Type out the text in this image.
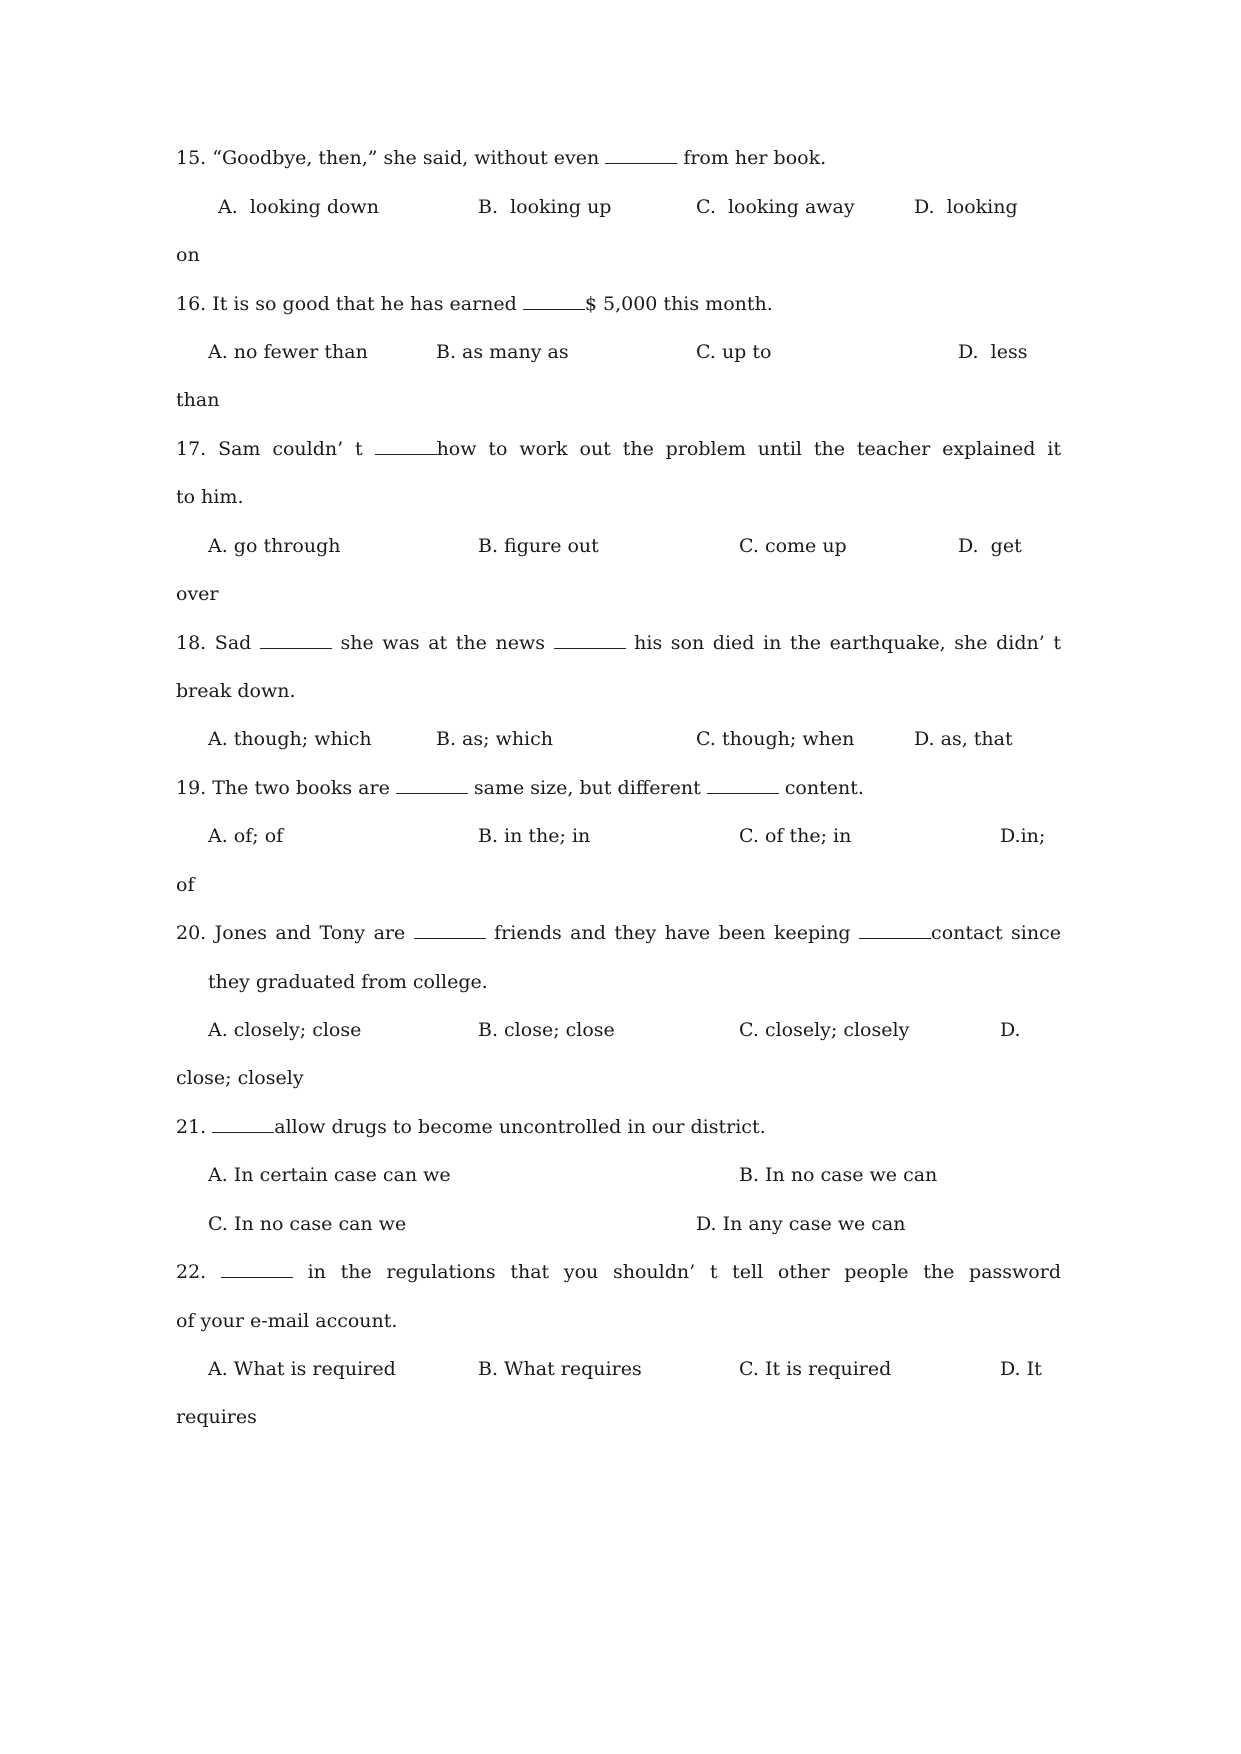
15. “Goodbye, then,” she said, without even	from her book.
A.  looking down	B.  looking up	C.  looking away	D.  looking
on
16. It is so good that he has earned	$ 5,000 this month.
A. no fewer than	B. as many as	C. up to	D.  less
than
17. Sam couldn’ t	how to work out the problem until the teacher explained it
to him.
A. go through	B. figure out	C. come up	D.  get
over
18. Sad	she was at the news	his son died in the earthquake, she didn’ t
break down.
A. though; which	B. as; which	C. though; when	D. as, that
19. The two books are	same size, but different	content.
A. of; of	B. in the; in	C. of the; in	D.in;
of
20. Jones and Tony are	friends and they have been keeping	contact since
they graduated from college.
A. closely; close	B. close; close	C. closely; closely	D.
close; closely
21.	allow drugs to become uncontrolled in our district.
A. In certain case can we	B. In no case we can
C. In no case can we	D. In any case we can
22.	in the regulations that you shouldn’ t tell other people the password
of your e-mail account.
A. What is required	B. What requires	C. It is required	D. It
requires
